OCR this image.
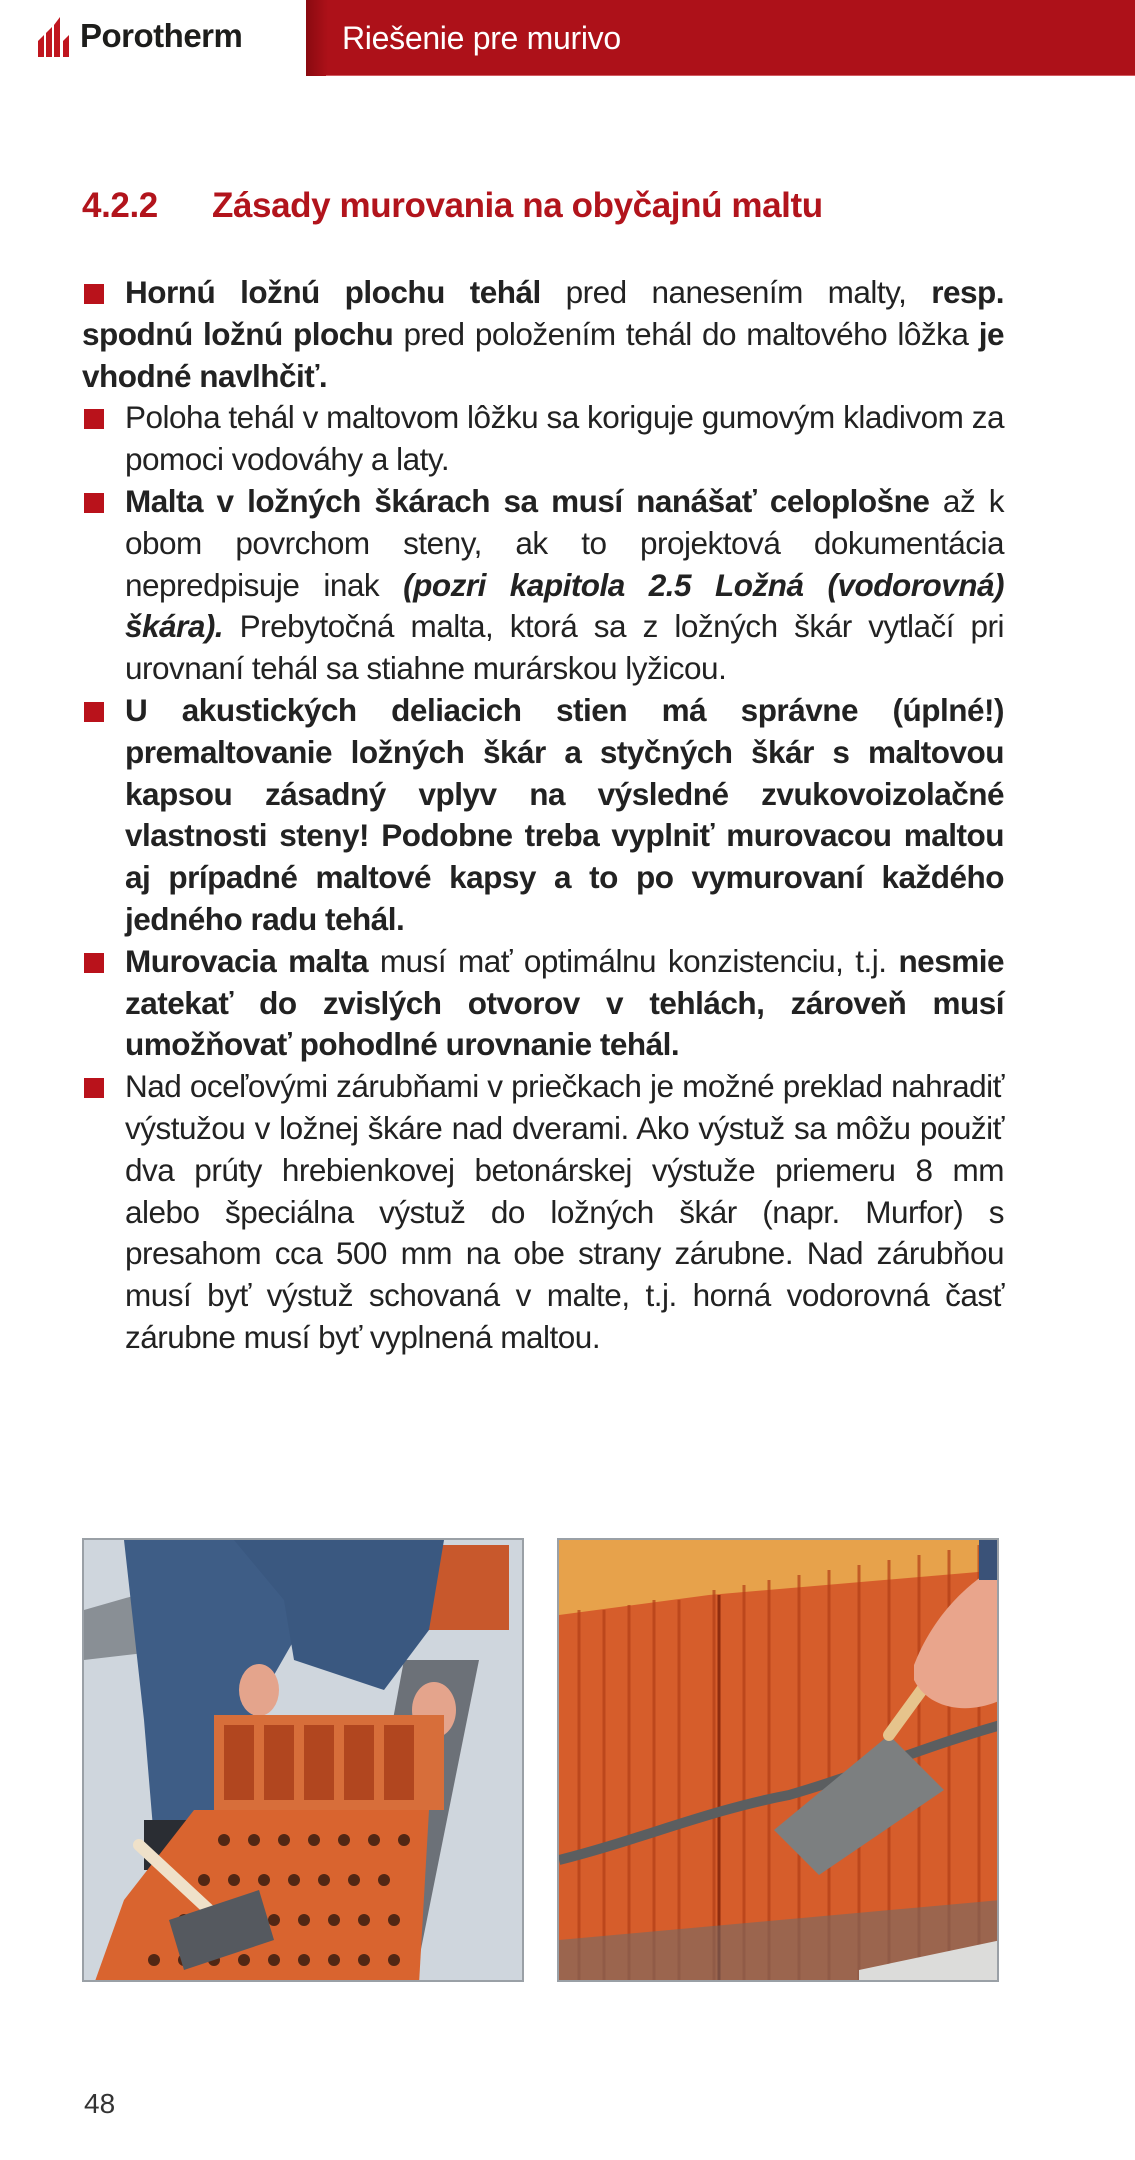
Porotherm	Riešenie pre murivo
4.2.2	Zásady murovania na obyčajnú maltu

Hornú ložnú plochu tehál pred nanesením malty, resp. spodnú ložnú plochu pred položením tehál do maltového lôžka je vhodné navlhčiť.

Poloha tehál v maltovom lôžku sa koriguje gumovým kladivom za pomoci vodováhy a laty.

Malta v ložných škárach sa musí nanášať celoplošne až k obom povrchom steny, ak to projektová dokumentácia nepredpisuje inak (pozri kapitola 2.5 Ložná (vodorovná) škára). Prebytočná malta, ktorá sa z ložných škár vytlačí pri urovnaní tehál sa stiahne murárskou lyžicou.

U akustických deliacich stien má správne (úplné!) premaltovanie ložných škár a styčných škár s maltovou kapsou zásadný vplyv na výsledné zvukovoizolačné vlastnosti steny! Podobne treba vyplniť murovacou maltou aj prípadné maltové kapsy a to po vymurovaní každého jedného radu tehál.

Murovacia malta musí mať optimálnu konzistenciu, t.j. nesmie zatekať do zvislých otvorov v tehlách, zároveň musí umožňovať pohodlné urovnanie tehál.

Nad oceľovými zárubňami v priečkach je možné preklad nahradiť výstužou v ložnej škáre nad dverami. Ako výstuž sa môžu použiť dva prúty hrebienkovej betonárskej výstuže priemeru 8 mm alebo špeciálna výstuž do ložných škár (napr. Murfor) s presahom cca 500 mm na obe strany zárubne. Nad zárubňou musí byť výstuž schovaná v malte, t.j. horná vodorovná časť zárubne musí byť vyplnená maltou.

48
